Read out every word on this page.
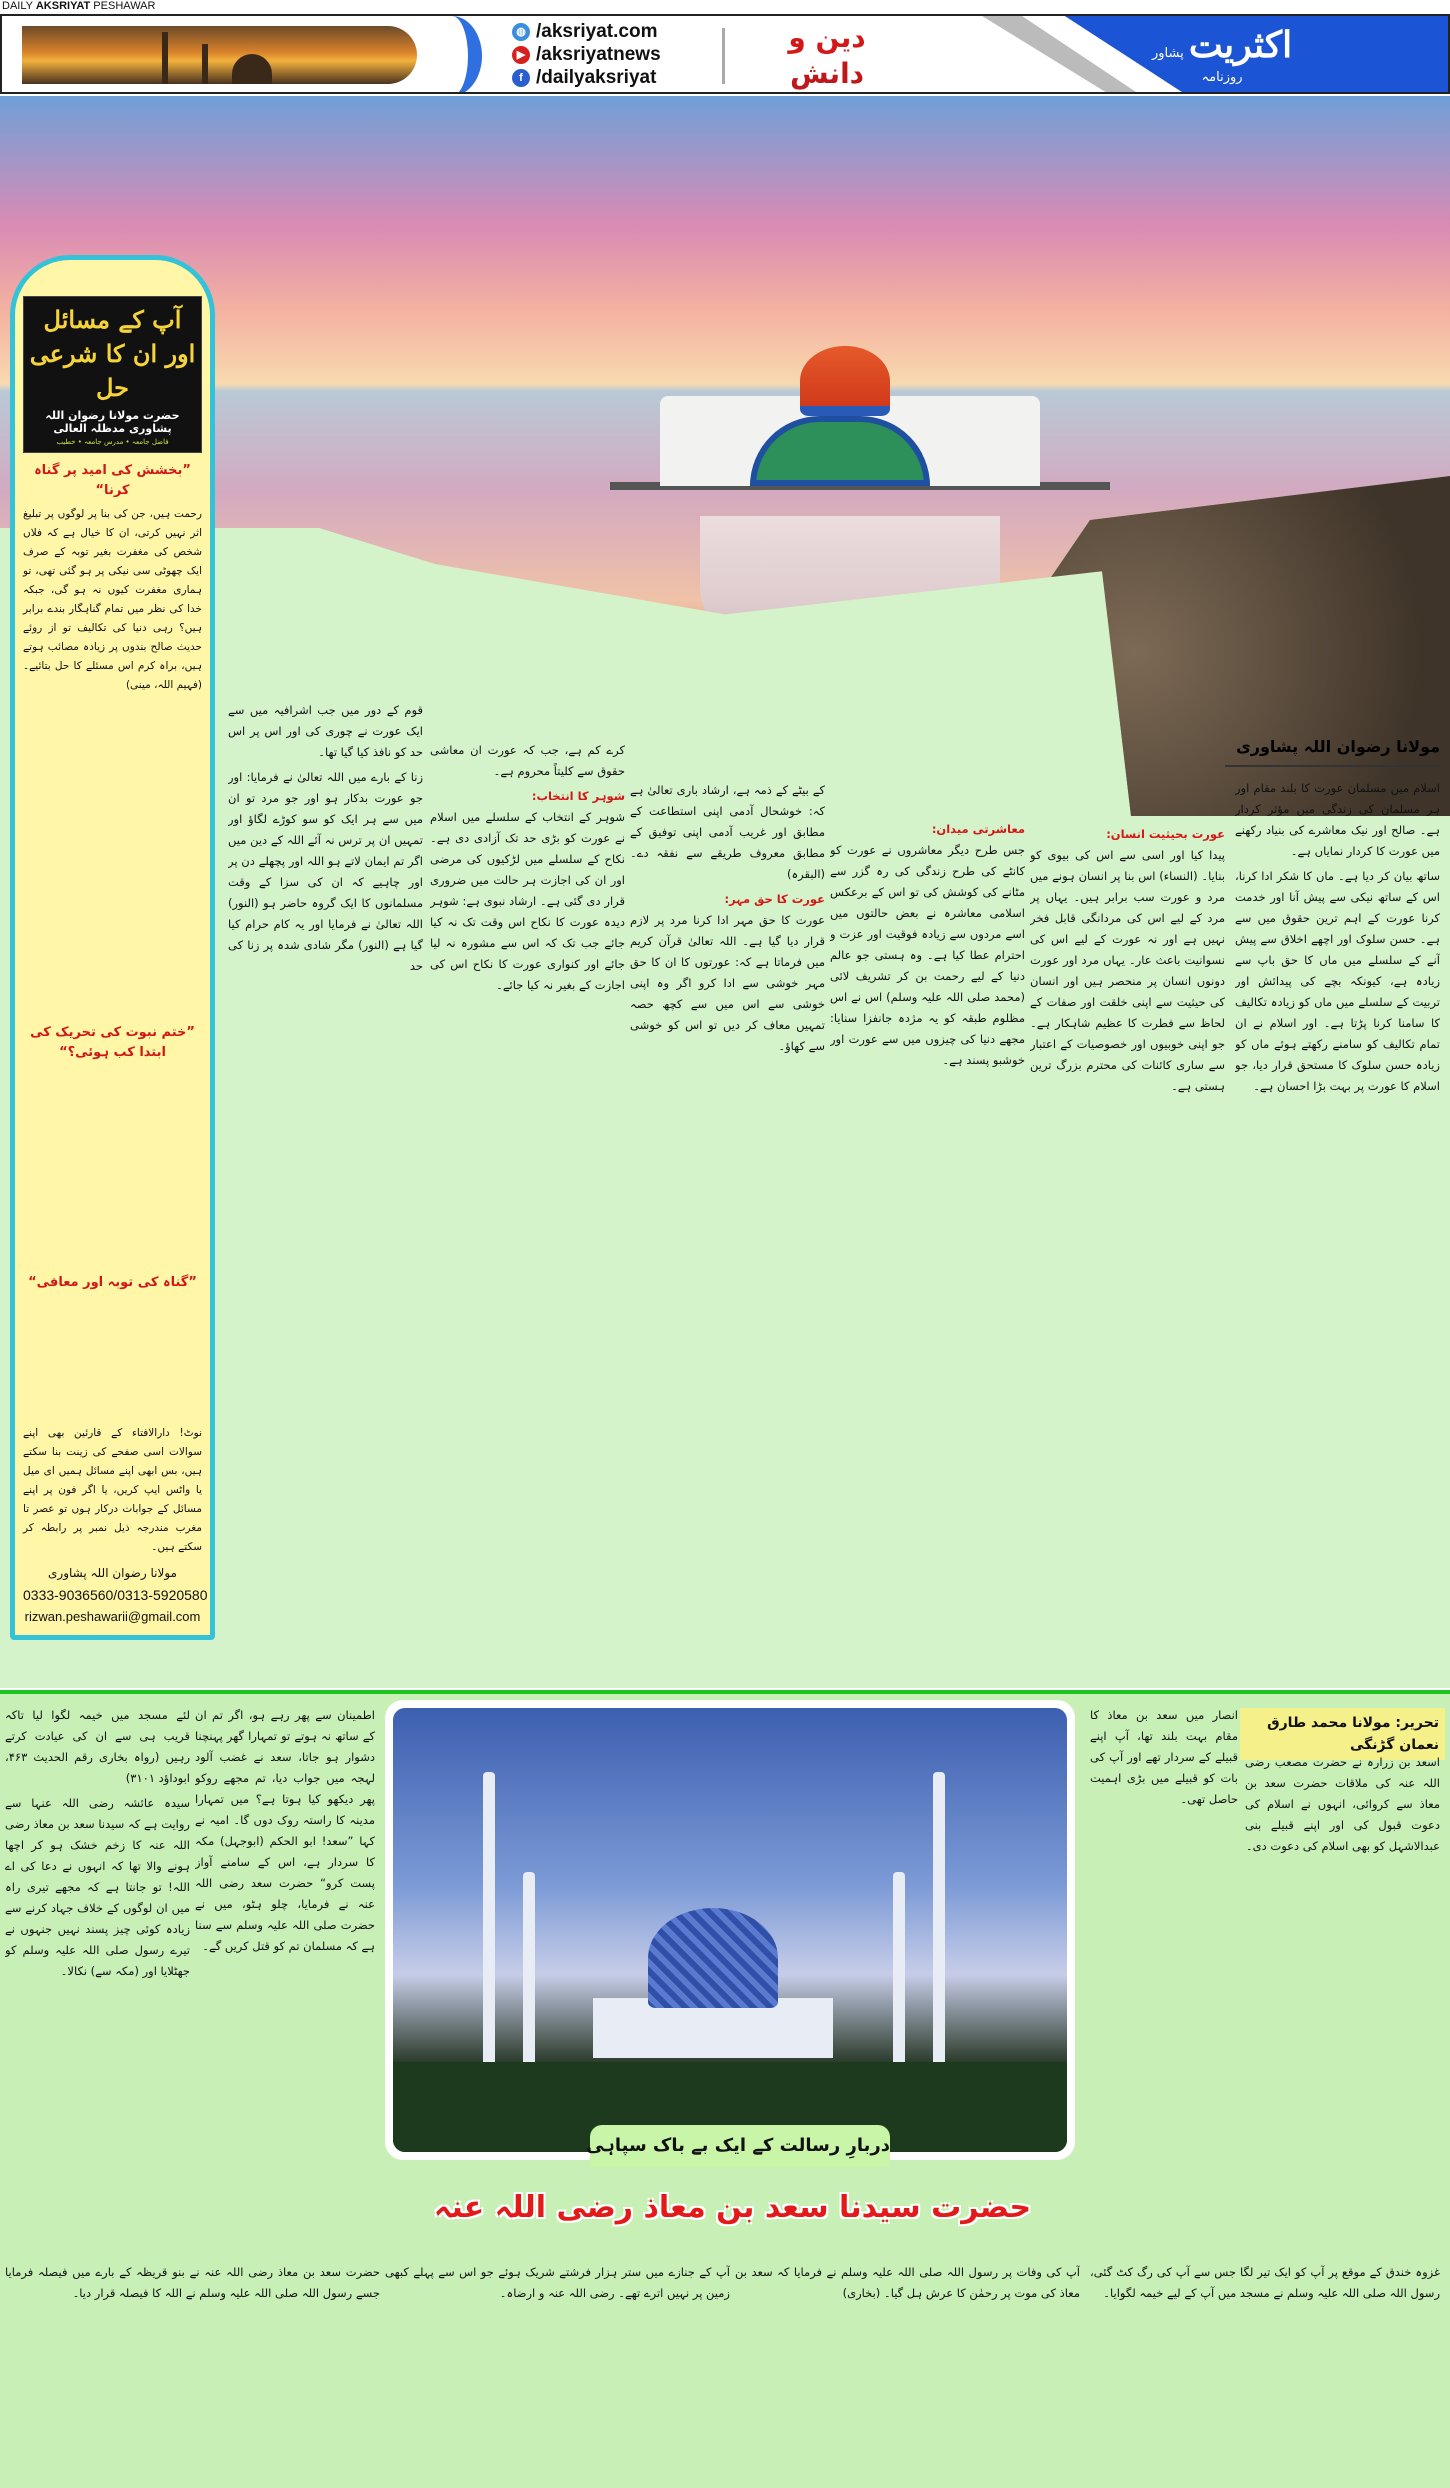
DAILY AKSRIYAT PESHAWAR
دین و
دانش
اکثریت پشاور
روزنامہ
◍ /aksriyat.com
▶ /aksriyatnews
f /dailyaksriyat
آپ کے مسائل اور ان کا شرعی حل
حضرت مولانا رضوان اللہ پشاوری مدظلہ العالی
فاضل جامعہ • مدرس جامعہ • خطیب
”بخشش کی امید پر گناہ کرنا“
رحمت ہیں، جن کی بنا پر لوگوں پر تبلیغ اثر نہیں کرتی، ان کا خیال ہے کہ فلاں شخص کی مغفرت بغیر توبہ کے صرف ایک چھوٹی سی نیکی پر ہو گئی تھی، تو ہماری مغفرت کیوں نہ ہو گی، جبکہ خدا کی نظر میں تمام گناہگار بندے برابر ہیں؟ رہی دنیا کی تکالیف تو از روئے حدیث صالح بندوں پر زیادہ مصائب ہوتے ہیں، براہ کرم اس مسئلے کا حل بتائیے۔ (فہیم اللہ، مینی)
”ختم نبوت کی تحریک کی ابتدا کب ہوئی؟“
”گناہ کی توبہ اور معافی“
نوٹ! دارالافتاء کے قارئین بھی اپنے سوالات اسی صفحے کی زینت بنا سکتے ہیں، بس ابھی اپنے مسائل ہمیں ای میل یا واٹس ایپ کریں، یا اگر فون پر اپنے مسائل کے جوابات درکار ہوں تو عصر تا مغرب مندرجہ ذیل نمبر پر رابطہ کر سکتے ہیں۔
مولانا رضوان اللہ پشاوری
0333-9036560/0313-5920580
rizwan.peshawarii@gmail.com
مولانا رضوان اللہ پشاوری
دربارِ رسالت کے ایک بے باک سپاہی
حضرت سیدنا سعد بن معاذ رضی اللہ عنہ
تحریر: مولانا محمد طارق نعمان گڑنگی

اسلام میں مسلمان عورت کا بلند مقام اور ہر مسلمان کی زندگی میں مؤثر کردار ہے۔ صالح اور نیک معاشرے کی بنیاد رکھنے میں عورت کا کردار نمایاں ہے۔

ساتھ بیان کر دیا ہے۔ ماں کا شکر ادا کرنا، اس کے ساتھ نیکی سے پیش آنا اور خدمت کرنا عورت کے اہم ترین حقوق میں سے ہے۔ حسن سلوک اور اچھے اخلاق سے پیش آنے کے سلسلے میں ماں کا حق باپ سے زیادہ ہے، کیونکہ بچے کی پیدائش اور تربیت کے سلسلے میں ماں کو زیادہ تکالیف کا سامنا کرنا پڑتا ہے۔ اور اسلام نے ان تمام تکالیف کو سامنے رکھتے ہوئے ماں کو زیادہ حسن سلوک کا مستحق قرار دیا، جو اسلام کا عورت پر بہت بڑا احسان ہے۔

عورت بحیثیت انسان:

پیدا کیا اور اسی سے اس کی بیوی کو بنایا۔ (النساء) اس بنا پر انسان ہونے میں مرد و عورت سب برابر ہیں۔ یہاں پر مرد کے لیے اس کی مردانگی قابل فخر نہیں ہے اور نہ عورت کے لیے اس کی نسوانیت باعث عار۔ یہاں مرد اور عورت دونوں انسان پر منحصر ہیں اور انسان کی حیثیت سے اپنی خلقت اور صفات کے لحاظ سے فطرت کا عظیم شاہکار ہے۔ جو اپنی خوبیوں اور خصوصیات کے اعتبار سے ساری کائنات کی محترم بزرگ ترین ہستی ہے۔

معاشرتی میدان:

جس طرح دیگر معاشروں نے عورت کو کانٹے کی طرح زندگی کی رہ گزر سے مٹانے کی کوشش کی تو اس کے برعکس اسلامی معاشرہ نے بعض حالتوں میں اسے مردوں سے زیادہ فوقیت اور عزت و احترام عطا کیا ہے۔ وہ ہستی جو عالم دنیا کے لیے رحمت بن کر تشریف لائی (محمد صلی اللہ علیہ وسلم) اس نے اس مظلوم طبقہ کو یہ مژدہ جانفزا سنایا: مجھے دنیا کی چیزوں میں سے عورت اور خوشبو پسند ہے۔

کے بیٹے کے ذمہ ہے، ارشاد باری تعالیٰ ہے کہ: خوشحال آدمی اپنی استطاعت کے مطابق اور غریب آدمی اپنی توفیق کے مطابق معروف طریقے سے نفقہ دے۔ (البقرہ)

عورت کا حق مہر:

عورت کا حق مہر ادا کرنا مرد پر لازم قرار دیا گیا ہے۔ اللہ تعالیٰ قرآن کریم میں فرماتا ہے کہ: عورتوں کا ان کا حق مہر خوشی سے ادا کرو اگر وہ اپنی خوشی سے اس میں سے کچھ حصہ تمہیں معاف کر دیں تو اس کو خوشی سے کھاؤ۔

کرے کم ہے، جب کہ عورت ان معاشی حقوق سے کلیتاً محروم ہے۔

شوہر کا انتخاب:

شوہر کے انتخاب کے سلسلے میں اسلام نے عورت کو بڑی حد تک آزادی دی ہے۔ نکاح کے سلسلے میں لڑکیوں کی مرضی اور ان کی اجازت ہر حالت میں ضروری قرار دی گئی ہے۔ ارشاد نبوی ہے: شوہر دیدہ عورت کا نکاح اس وقت تک نہ کیا جائے جب تک کہ اس سے مشورہ نہ لیا جائے اور کنواری عورت کا نکاح اس کی اجازت کے بغیر نہ کیا جائے۔

قوم کے دور میں جب اشرافیہ میں سے ایک عورت نے چوری کی اور اس پر اس حد کو نافذ کیا گیا تھا۔

زنا کے بارے میں اللہ تعالیٰ نے فرمایا: اور جو عورت بدکار ہو اور جو مرد تو ان میں سے ہر ایک کو سو کوڑے لگاؤ اور تمہیں ان پر ترس نہ آئے اللہ کے دین میں اگر تم ایمان لاتے ہو اللہ اور پچھلے دن پر اور چاہیے کہ ان کی سزا کے وقت مسلمانوں کا ایک گروہ حاضر ہو (النور) اللہ تعالیٰ نے فرمایا اور یہ کام حرام کیا گیا ہے (النور) مگر شادی شدہ پر زنا کی حد

اسعد بن زرارہ نے حضرت مصعب رضی اللہ عنہ کی ملاقات حضرت سعد بن معاذ سے کروائی، انہوں نے اسلام کی دعوت قبول کی اور اپنے قبیلے بنی عبدالاشہل کو بھی اسلام کی دعوت دی۔

انصار میں سعد بن معاذ کا مقام بہت بلند تھا، آپ اپنے قبیلے کے سردار تھے اور آپ کی بات کو قبیلے میں بڑی اہمیت حاصل تھی۔

اطمینان سے پھر رہے ہو، اگر تم ان کے ساتھ نہ ہوتے تو تمہارا گھر پہنچنا دشوار ہو جاتا، سعد نے غضب آلود لہجہ میں جواب دیا، تم مجھے روکو پھر دیکھو کیا ہوتا ہے؟ میں تمہارا مدینہ کا راستہ روک دوں گا۔ امیہ نے کہا ”سعد! ابو الحکم (ابوجہل) مکہ کا سردار ہے، اس کے سامنے آواز پست کرو“ حضرت سعد رضی اللہ عنہ نے فرمایا، چلو ہٹو، میں نے حضرت صلی اللہ علیہ وسلم سے سنا ہے کہ مسلمان تم کو قتل کریں گے۔

لئے مسجد میں خیمہ لگوا لیا تاکہ قریب ہی سے ان کی عیادت کرتے رہیں (رواہ بخاری رقم الحدیث ۴۶۳، ابوداؤد ۳۱۰۱)

سیدہ عائشہ رضی اللہ عنہا سے روایت ہے کہ سیدنا سعد بن معاذ رضی اللہ عنہ کا زخم خشک ہو کر اچھا ہونے والا تھا کہ انہوں نے دعا کی اے اللہ! تو جانتا ہے کہ مجھے تیری راہ میں ان لوگوں کے خلاف جہاد کرنے سے زیادہ کوئی چیز پسند نہیں جنہوں نے تیرے رسول صلی اللہ علیہ وسلم کو جھٹلایا اور (مکہ سے) نکالا۔

غزوہ خندق کے موقع پر آپ کو ایک تیر لگا جس سے آپ کی رگ کٹ گئی، رسول اللہ صلی اللہ علیہ وسلم نے مسجد میں آپ کے لیے خیمہ لگوایا۔

آپ کی وفات پر رسول اللہ صلی اللہ علیہ وسلم نے فرمایا کہ سعد بن معاذ کی موت پر رحمٰن کا عرش ہل گیا۔ (بخاری)

آپ کے جنازے میں ستر ہزار فرشتے شریک ہوئے جو اس سے پہلے کبھی زمین پر نہیں اترے تھے۔ رضی اللہ عنہ و ارضاہ۔

حضرت سعد بن معاذ رضی اللہ عنہ نے بنو قریظہ کے بارے میں فیصلہ فرمایا جسے رسول اللہ صلی اللہ علیہ وسلم نے اللہ کا فیصلہ قرار دیا۔
